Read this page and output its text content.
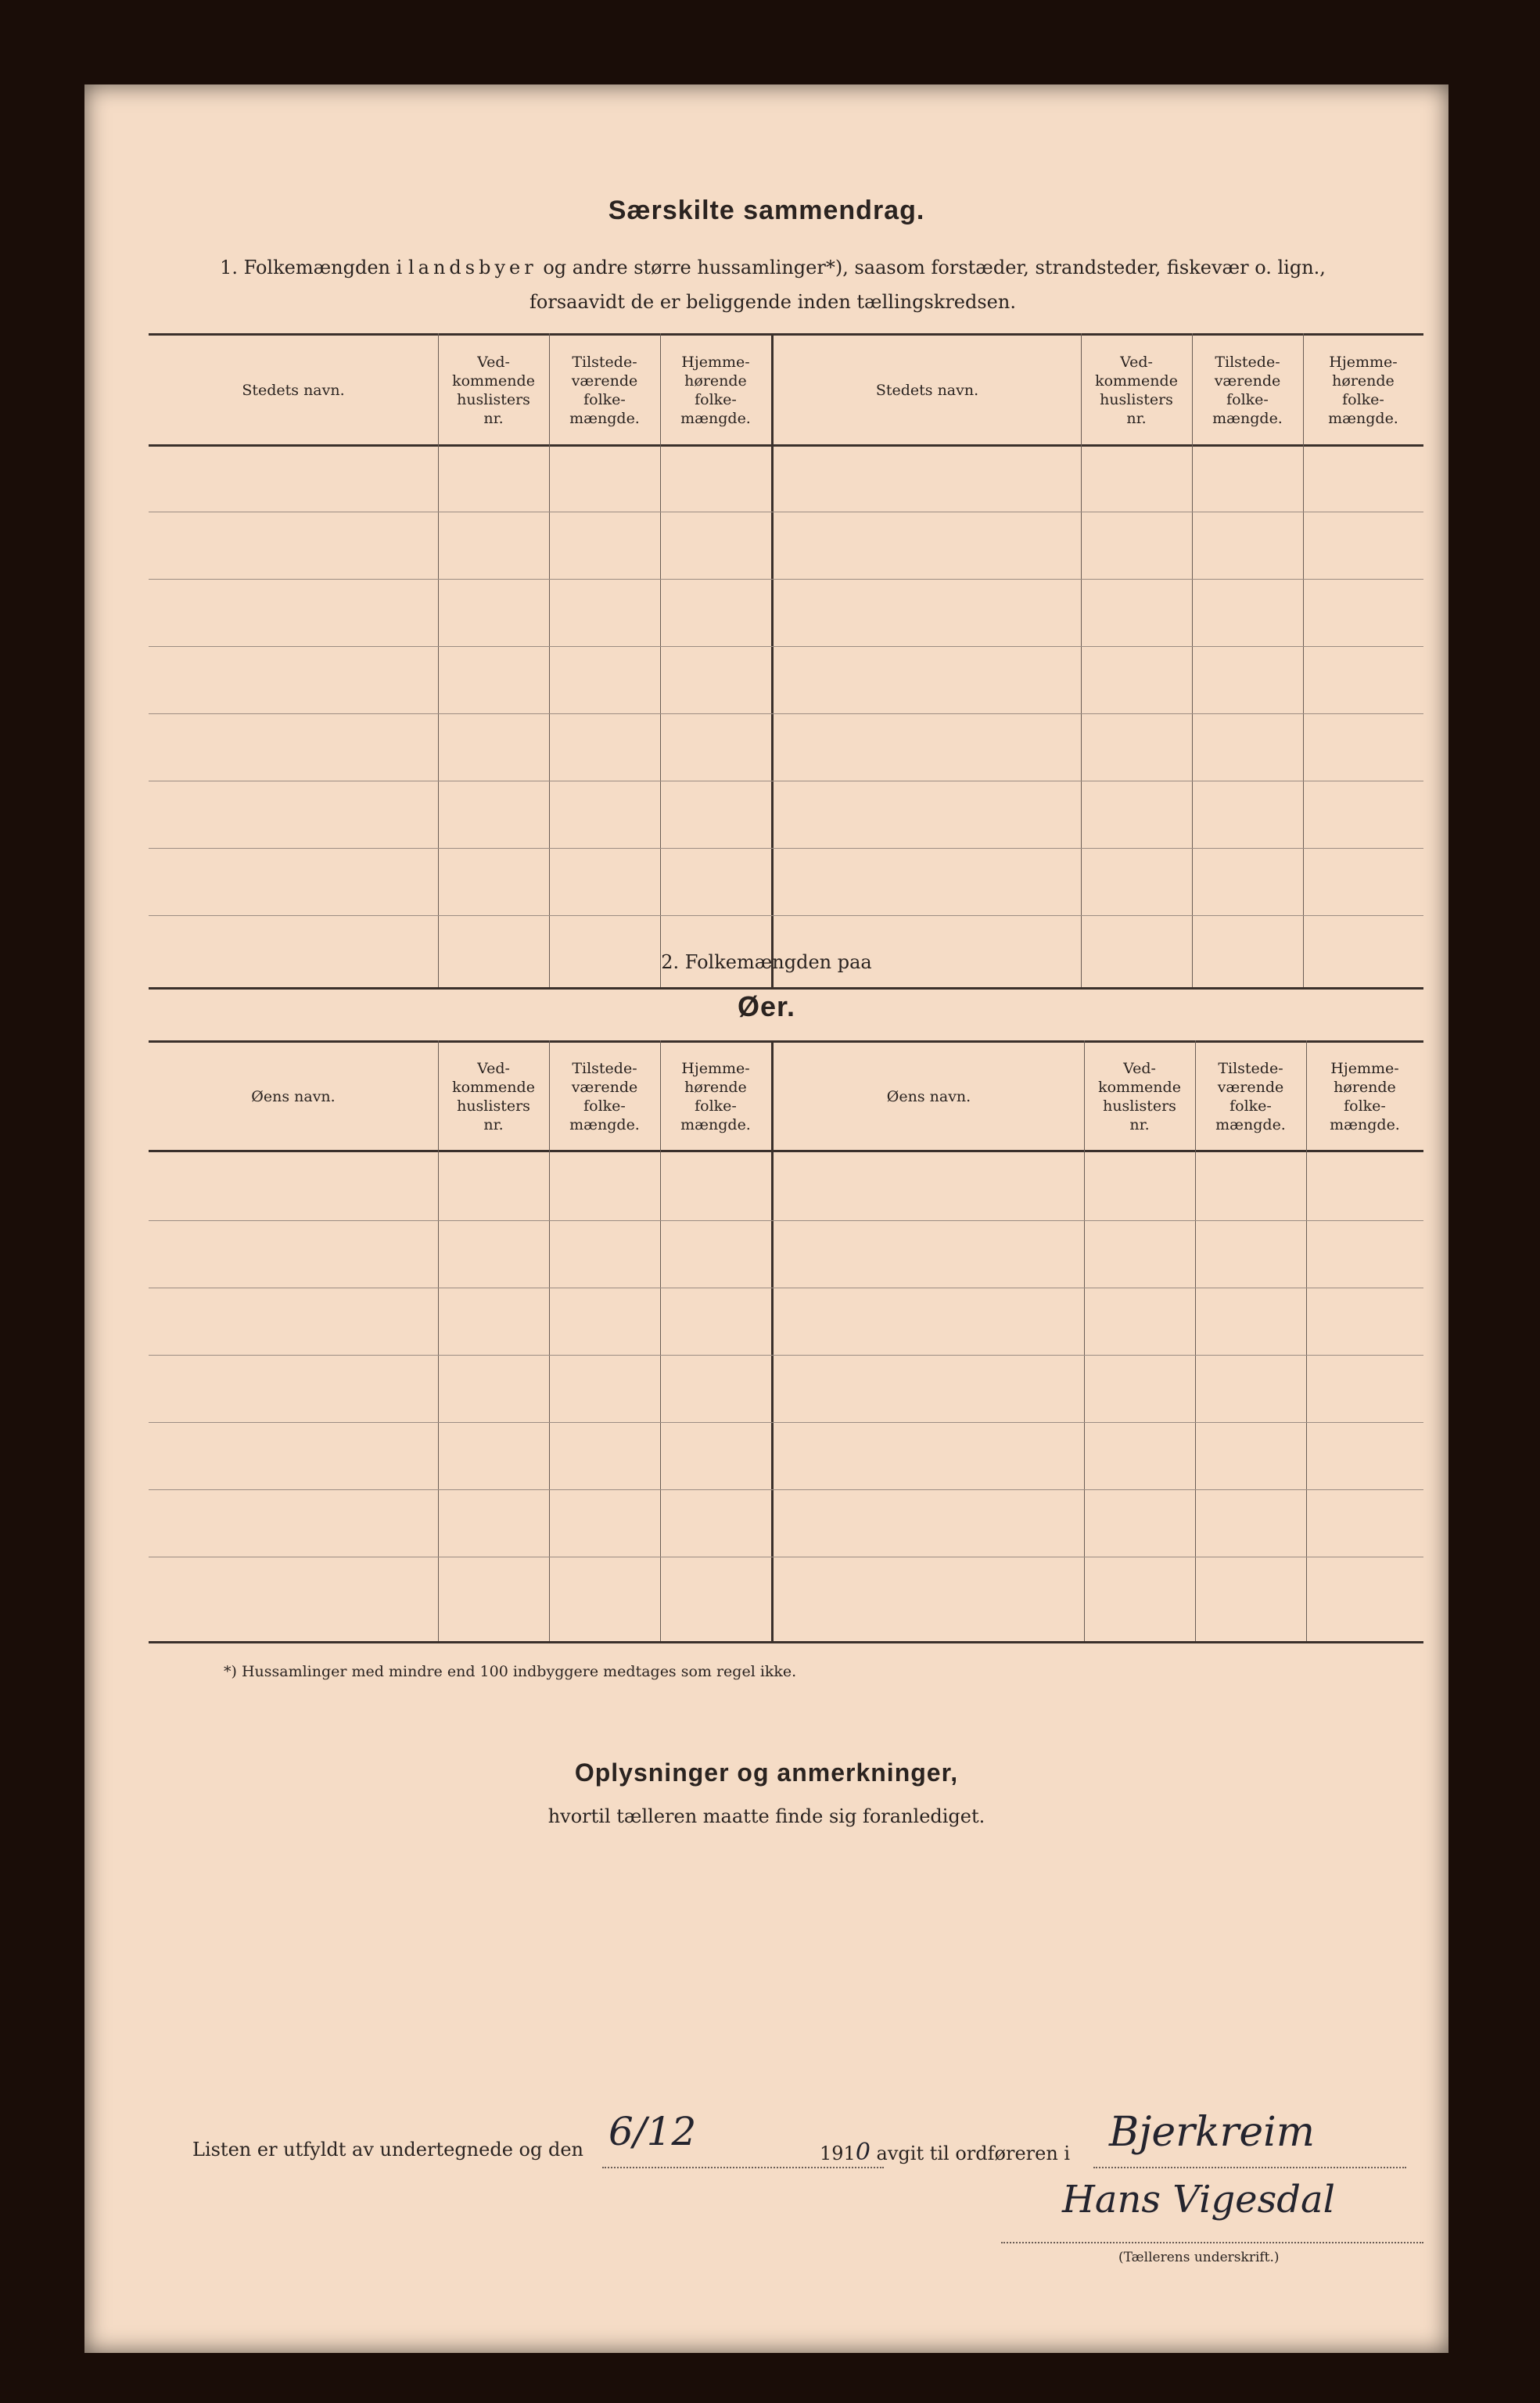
Særskilte sammendrag.
1. Folkemængden i landsbyer og andre større hussamlinger*), saasom forstæder, strandsteder, fiskevær o. lign.,
forsaavidt de er beliggende inden tællingskredsen.
Stedets navn.
Ved-
kommende
huslisters
nr.
Tilstede-
værende
folke-
mængde.
Hjemme-
hørende
folke-
mængde.
Stedets navn.
Ved-
kommende
huslisters
nr.
Tilstede-
værende
folke-
mængde.
Hjemme-
hørende
folke-
mængde.
2. Folkemængden paa
Øer.
Øens navn.
Ved-
kommende
huslisters
nr.
Tilstede-
værende
folke-
mængde.
Hjemme-
hørende
folke-
mængde.
Øens navn.
Ved-
kommende
huslisters
nr.
Tilstede-
værende
folke-
mængde.
Hjemme-
hørende
folke-
mængde.
*) Hussamlinger med mindre end 100 indbyggere medtages som regel ikke.
Oplysninger og anmerkninger,
hvortil tælleren maatte finde sig foranlediget.
Listen er utfyldt av undertegnede og den 6/12	1910 avgit til ordføreren i Bjerkreim
Hans Vigesdal
(Tællerens underskrift.)
